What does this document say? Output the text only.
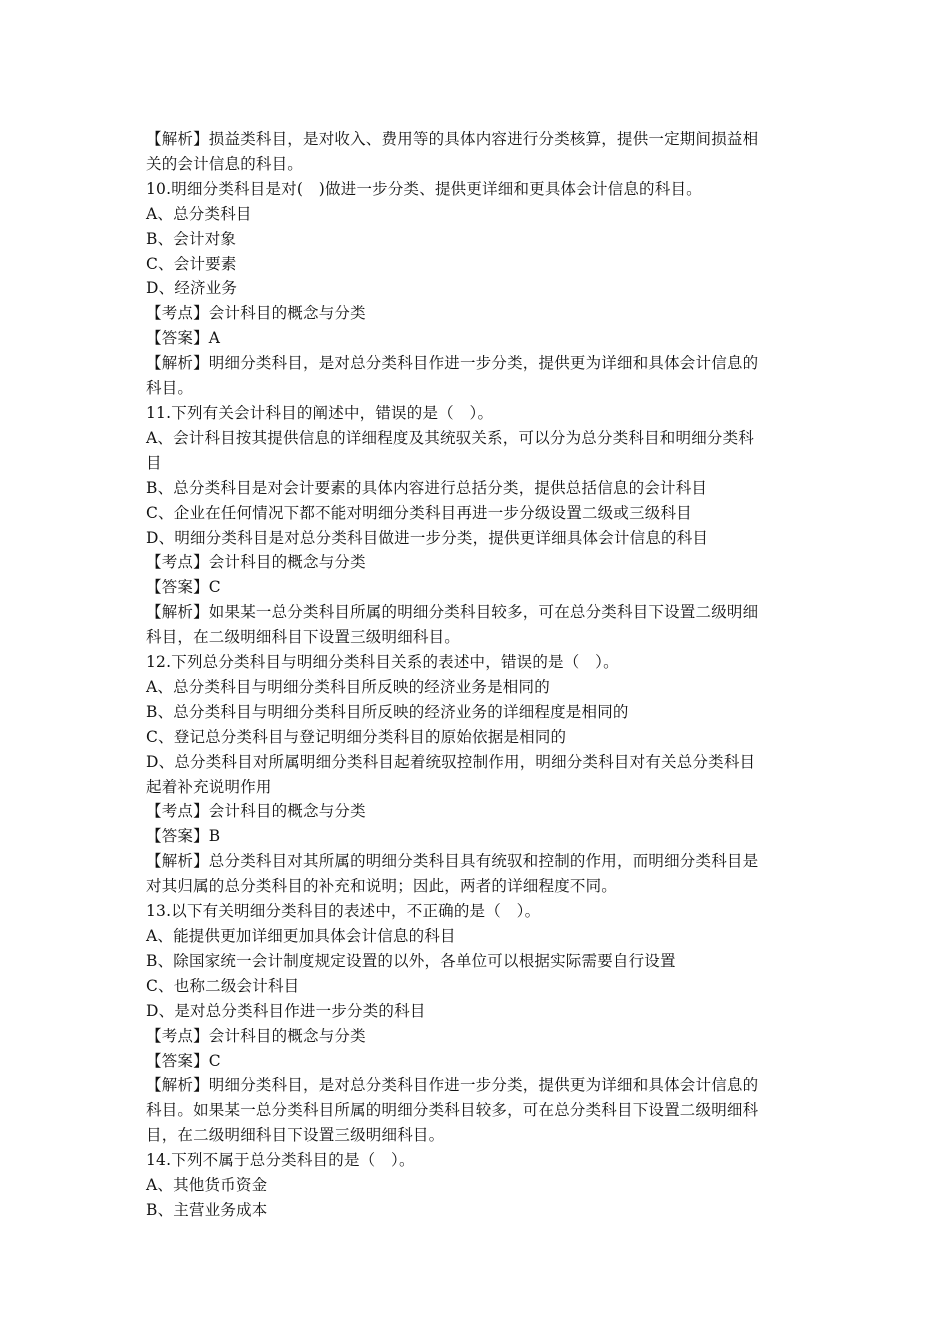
【解析】损益类科目，是对收入、费用等的具体内容进行分类核算，提供一定期间损益相
关的会计信息的科目。
10.明细分类科目是对(　)做进一步分类、提供更详细和更具体会计信息的科目。
A、总分类科目
B、会计对象
C、会计要素
D、经济业务
【考点】会计科目的概念与分类
【答案】A
【解析】明细分类科目，是对总分类科目作进一步分类，提供更为详细和具体会计信息的
科目。
11.下列有关会计科目的阐述中，错误的是（　）。
A、会计科目按其提供信息的详细程度及其统驭关系，可以分为总分类科目和明细分类科
目
B、总分类科目是对会计要素的具体内容进行总括分类，提供总括信息的会计科目
C、企业在任何情况下都不能对明细分类科目再进一步分级设置二级或三级科目
D、明细分类科目是对总分类科目做进一步分类，提供更详细具体会计信息的科目
【考点】会计科目的概念与分类
【答案】C
【解析】如果某一总分类科目所属的明细分类科目较多，可在总分类科目下设置二级明细
科目，在二级明细科目下设置三级明细科目。
12.下列总分类科目与明细分类科目关系的表述中，错误的是（　）。
A、总分类科目与明细分类科目所反映的经济业务是相同的
B、总分类科目与明细分类科目所反映的经济业务的详细程度是相同的
C、登记总分类科目与登记明细分类科目的原始依据是相同的
D、总分类科目对所属明细分类科目起着统驭控制作用，明细分类科目对有关总分类科目
起着补充说明作用
【考点】会计科目的概念与分类
【答案】B
【解析】总分类科目对其所属的明细分类科目具有统驭和控制的作用，而明细分类科目是
对其归属的总分类科目的补充和说明；因此，两者的详细程度不同。
13.以下有关明细分类科目的表述中，不正确的是（　）。
A、能提供更加详细更加具体会计信息的科目
B、除国家统一会计制度规定设置的以外，各单位可以根据实际需要自行设置
C、也称二级会计科目
D、是对总分类科目作进一步分类的科目
【考点】会计科目的概念与分类
【答案】C
【解析】明细分类科目，是对总分类科目作进一步分类，提供更为详细和具体会计信息的
科目。如果某一总分类科目所属的明细分类科目较多，可在总分类科目下设置二级明细科
目，在二级明细科目下设置三级明细科目。
14.下列不属于总分类科目的是（　）。
A、其他货币资金
B、主营业务成本
